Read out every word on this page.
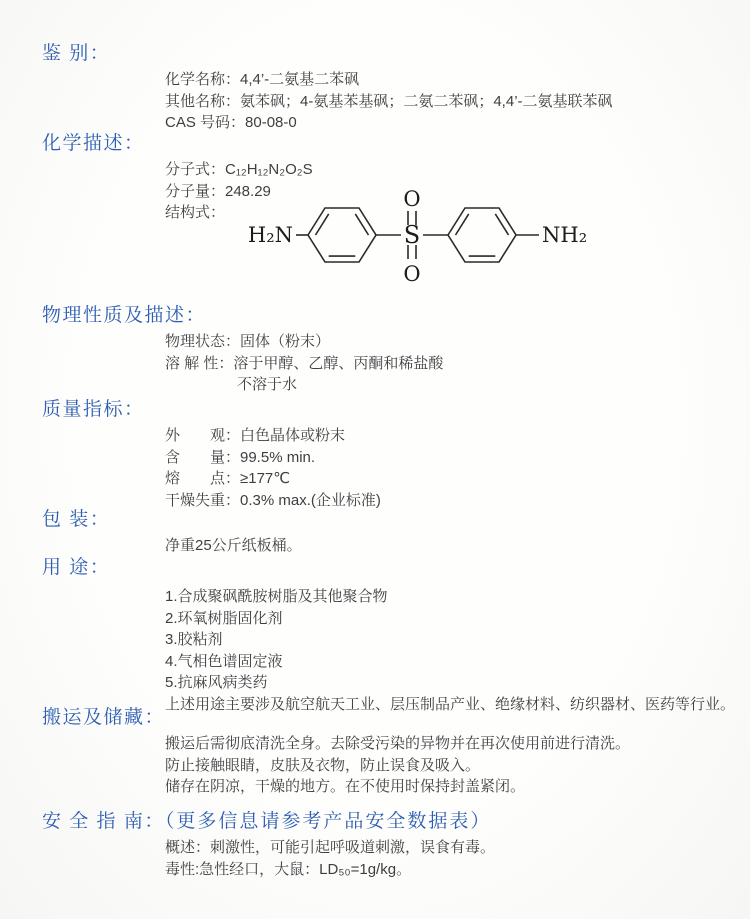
鉴 别：
化学名称：4,4’-二氨基二苯砜
其他名称：氨苯砜；4-氨基苯基砜；二氨二苯砜；4,4’-二氨基联苯砜
CAS 号码：80-08-0
化学描述：
分子式：C₁₂H₁₂N₂O₂S
分子量：248.29
结构式：
H₂N	S
O
O
NH₂
物理性质及描述：
物理状态：固体（粉末）
溶 解 性：溶于甲醇、乙醇、丙酮和稀盐酸
不溶于水
质量指标：
外　　观：白色晶体或粉末
含　　量：99.5% min.
熔　　点：≥177℃
干燥失重：0.3% max.(企业标准)
包 装：
净重25公斤纸板桶。
用 途：
1.合成聚砜酰胺树脂及其他聚合物
2.环氧树脂固化剂
3.胶粘剂
4.气相色谱固定液
5.抗麻风病类药
上述用途主要涉及航空航天工业、层压制品产业、绝缘材料、纺织器材、医药等行业。
搬运及储藏：
搬运后需彻底清洗全身。去除受污染的异物并在再次使用前进行清洗。
防止接触眼睛，皮肤及衣物，防止误食及吸入。
储存在阴凉，干燥的地方。在不使用时保持封盖紧闭。
安 全 指 南：（更多信息请参考产品安全数据表）
概述：刺激性，可能引起呼吸道刺激，误食有毒。
毒性:急性经口，大鼠：LD₅₀=1g/kg。
